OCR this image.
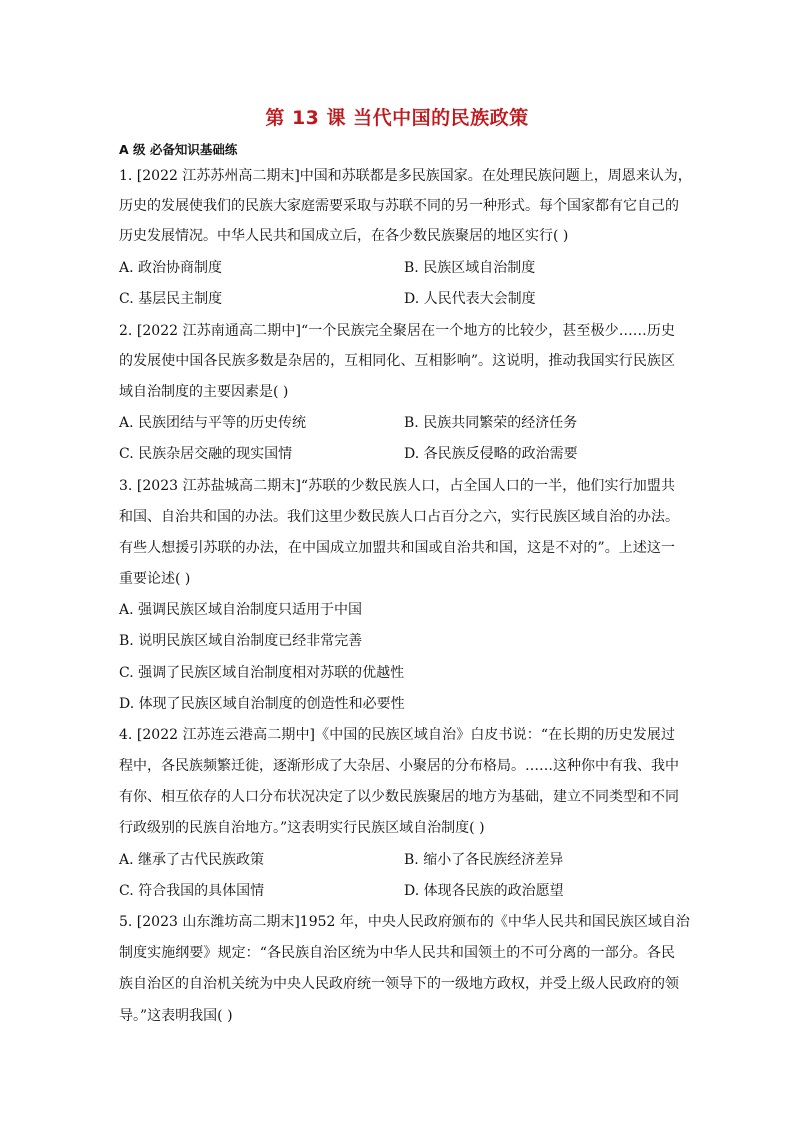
第 13 课 当代中国的民族政策
A 级 必备知识基础练
1. [2022 江苏苏州高二期末]中国和苏联都是多民族国家。在处理民族问题上，周恩来认为，
历史的发展使我们的民族大家庭需要采取与苏联不同的另一种形式。每个国家都有它自己的
历史发展情况。中华人民共和国成立后，在各少数民族聚居的地区实行( )
A. 政治协商制度	B. 民族区域自治制度
C. 基层民主制度	D. 人民代表大会制度
2. [2022 江苏南通高二期中]“一个民族完全聚居在一个地方的比较少，甚至极少……历史
的发展使中国各民族多数是杂居的，互相同化、互相影响”。这说明，推动我国实行民族区
域自治制度的主要因素是( )
A. 民族团结与平等的历史传统	B. 民族共同繁荣的经济任务
C. 民族杂居交融的现实国情	D. 各民族反侵略的政治需要
3. [2023 江苏盐城高二期末]“苏联的少数民族人口，占全国人口的一半，他们实行加盟共
和国、自治共和国的办法。我们这里少数民族人口占百分之六，实行民族区域自治的办法。
有些人想援引苏联的办法，在中国成立加盟共和国或自治共和国，这是不对的”。上述这一
重要论述( )
A. 强调民族区域自治制度只适用于中国
B. 说明民族区域自治制度已经非常完善
C. 强调了民族区域自治制度相对苏联的优越性
D. 体现了民族区域自治制度的创造性和必要性
4. [2022 江苏连云港高二期中]《中国的民族区域自治》白皮书说：“在长期的历史发展过
程中，各民族频繁迁徙，逐渐形成了大杂居、小聚居的分布格局。……这种你中有我、我中
有你、相互依存的人口分布状况决定了以少数民族聚居的地方为基础，建立不同类型和不同
行政级别的民族自治地方。”这表明实行民族区域自治制度( )
A. 继承了古代民族政策	B. 缩小了各民族经济差异
C. 符合我国的具体国情	D. 体现各民族的政治愿望
5. [2023 山东潍坊高二期末]1952 年，中央人民政府颁布的《中华人民共和国民族区域自治
制度实施纲要》规定：“各民族自治区统为中华人民共和国领土的不可分离的一部分。各民
族自治区的自治机关统为中央人民政府统一领导下的一级地方政权，并受上级人民政府的领
导。”这表明我国( )
